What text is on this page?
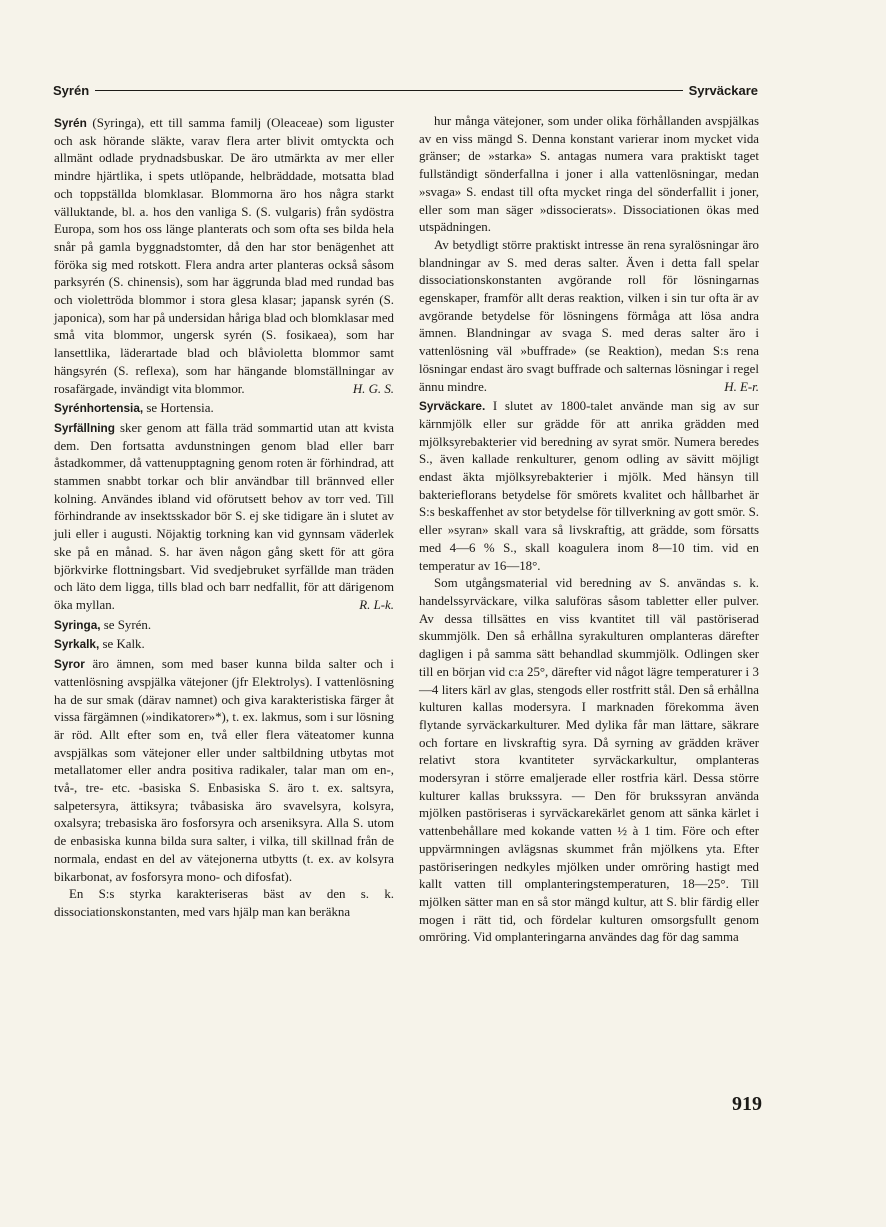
Syrén	Syrväckare

Syrén (Syringa), ett till samma familj (Oleaceae) som liguster och ask hörande släkte, varav flera arter blivit omtyckta och allmänt odlade prydnadsbuskar. De äro utmärkta av mer eller mindre hjärtlika, i spets utlöpande, helbräddade, motsatta blad och toppställda blomklasar. Blommorna äro hos några starkt välluktande, bl. a. hos den vanliga S. (S. vulgaris) från sydöstra Europa, som hos oss länge planterats och som ofta ses bilda hela snår på gamla byggnadstomter, då den har stor benägenhet att föröka sig med rotskott. Flera andra arter planteras också såsom parksyrén (S. chinensis), som har äggrunda blad med rundad bas och violettröda blommor i stora glesa klasar; japansk syrén (S. japonica), som har på undersidan håriga blad och blomklasar med små vita blommor, ungersk syrén (S. fosikaea), som har lansettlika, läderartade blad och blåvioletta blommor samt hängsyrén (S. reflexa), som har hängande blomställningar av rosafärgade, invändigt vita blommor.	H. G. S.

Syrénhortensia, se Hortensia.

Syrfällning sker genom att fälla träd sommartid utan att kvista dem. Den fortsatta avdunstningen genom blad eller barr åstadkommer, då vattenupptagning genom roten är förhindrad, att stammen snabbt torkar och blir användbar till brännved eller kolning. Användes ibland vid oförutsett behov av torr ved. Till förhindrande av insektsskador bör S. ej ske tidigare än i slutet av juli eller i augusti. Nöjaktig torkning kan vid gynnsam väderlek ske på en månad. S. har även någon gång skett för att göra björkvirke flottningsbart. Vid svedjebruket syrfällde man träden och läto dem ligga, tills blad och barr nedfallit, för att därigenom öka myllan.	R. L-k.

Syringa, se Syrén.

Syrkalk, se Kalk.

Syror äro ämnen, som med baser kunna bilda salter och i vattenlösning avspjälka vätejoner (jfr Elektrolys). I vattenlösning ha de sur smak (därav namnet) och giva karakteristiska färger åt vissa färgämnen (»indikatorer»*), t. ex. lakmus, som i sur lösning är röd. Allt efter som en, två eller flera väteatomer kunna avspjälkas som vätejoner eller under saltbildning utbytas mot metallatomer eller andra positiva radikaler, talar man om en-, två-, tre- etc. -basiska S. Enbasiska S. äro t. ex. saltsyra, salpetersyra, ättiksyra; tvåbasiska äro svavelsyra, kolsyra, oxalsyra; trebasiska äro fosforsyra och arseniksyra. Alla S. utom de enbasiska kunna bilda sura salter, i vilka, till skillnad från de normala, endast en del av vätejonerna utbytts (t. ex. av kolsyra bikarbonat, av fosforsyra mono- och difosfat).

En S:s styrka karakteriseras bäst av den s. k. dissociationskonstanten, med vars hjälp man kan beräkna

hur många vätejoner, som under olika förhållanden avspjälkas av en viss mängd S. Denna konstant varierar inom mycket vida gränser; de »starka» S. antagas numera vara praktiskt taget fullständigt sönderfallna i joner i alla vattenlösningar, medan »svaga» S. endast till ofta mycket ringa del sönderfallit i joner, eller som man säger »dissocierats». Dissociationen ökas med utspädningen.

Av betydligt större praktiskt intresse än rena syralösningar äro blandningar av S. med deras salter. Även i detta fall spelar dissociationskonstanten avgörande roll för lösningarnas egenskaper, framför allt deras reaktion, vilken i sin tur ofta är av avgörande betydelse för lösningens förmåga att lösa andra ämnen. Blandningar av svaga S. med deras salter äro i vattenlösning väl »buffrade» (se Reaktion), medan S:s rena lösningar endast äro svagt buffrade och salternas lösningar i regel ännu mindre.	H. E-r.

Syrväckare. I slutet av 1800-talet använde man sig av sur kärnmjölk eller sur grädde för att anrika grädden med mjölksyrebakterier vid beredning av syrat smör. Numera beredes S., även kallade renkulturer, genom odling av sävitt möjligt endast äkta mjölksyrebakterier i mjölk. Med hänsyn till bakterieflorans betydelse för smörets kvalitet och hållbarhet är S:s beskaffenhet av stor betydelse för tillverkning av gott smör. S. eller »syran» skall vara så livskraftig, att grädde, som försatts med 4—6 % S., skall koagulera inom 8—10 tim. vid en temperatur av 16—18°.

Som utgångsmaterial vid beredning av S. användas s. k. handelssyrväckare, vilka saluföras såsom tabletter eller pulver. Av dessa tillsättes en viss kvantitet till väl pastöriserad skummjölk. Den så erhållna syrakulturen omplanteras därefter dagligen i på samma sätt behandlad skummjölk. Odlingen sker till en början vid c:a 25°, därefter vid något lägre temperaturer i 3—4 liters kärl av glas, stengods eller rostfritt stål. Den så erhållna kulturen kallas modersyra. I marknaden förekomma även flytande syrväckarkulturer. Med dylika får man lättare, säkrare och fortare en livskraftig syra. Då syrning av grädden kräver relativt stora kvantiteter syrväckarkultur, omplanteras modersyran i större emaljerade eller rostfria kärl. Dessa större kulturer kallas brukssyra. — Den för brukssyran använda mjölken pastöriseras i syrväckarekärlet genom att sänka kärlet i vattenbehållare med kokande vatten ½ à 1 tim. Före och efter uppvärmningen avlägsnas skummet från mjölkens yta. Efter pastöriseringen nedkyles mjölken under omröring hastigt med kallt vatten till omplanteringstemperaturen, 18—25°. Till mjölken sätter man en så stor mängd kultur, att S. blir färdig eller mogen i rätt tid, och fördelar kulturen omsorgsfullt genom omröring. Vid omplanteringarna användes dag för dag samma

919
